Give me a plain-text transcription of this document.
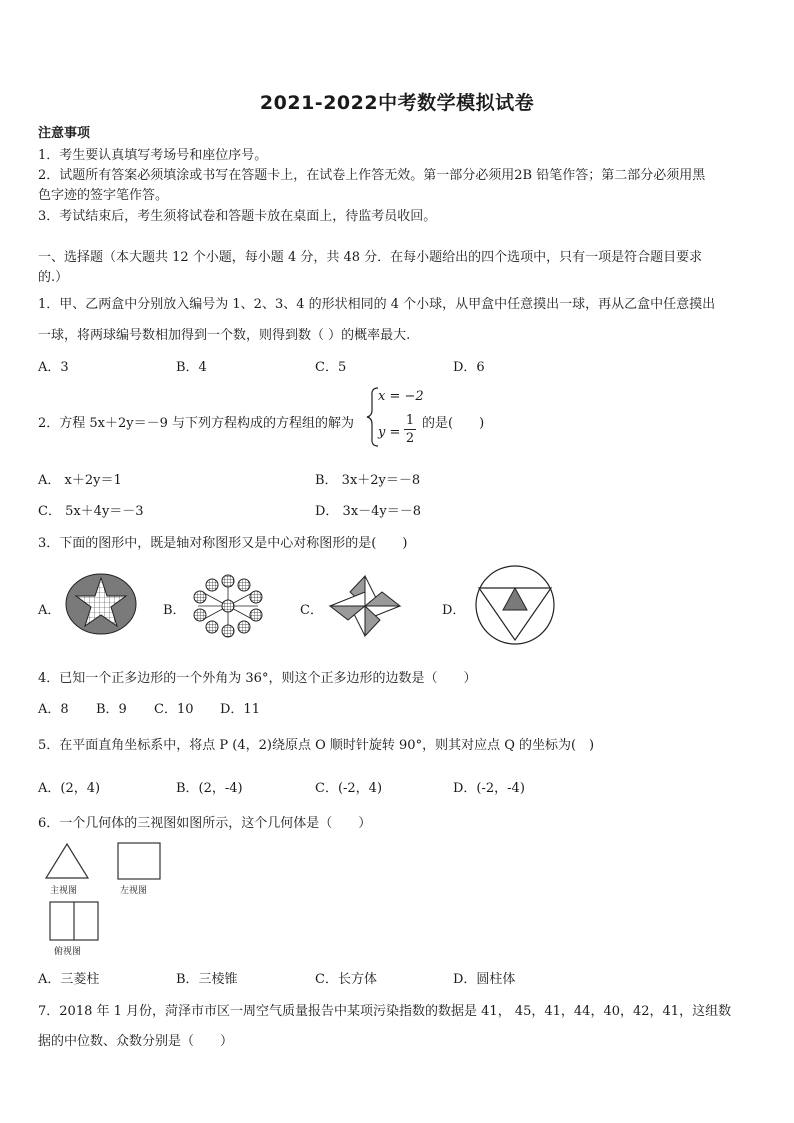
2021-2022中考数学模拟试卷
注意事项
1．考生要认真填写考场号和座位序号。
2．试题所有答案必须填涂或书写在答题卡上，在试卷上作答无效。第一部分必须用2B 铅笔作答；第二部分必须用黑
色字迹的签字笔作答。
3．考试结束后，考生须将试卷和答题卡放在桌面上，待监考员收回。
一、选择题（本大题共 12 个小题，每小题 4 分，共 48 分．在每小题给出的四个选项中，只有一项是符合题目要求
的.）
1．甲、乙两盒中分别放入编号为 1、2、3、4 的形状相同的 4 个小球，从甲盒中任意摸出一球，再从乙盒中任意摸出
一球，将两球编号数相加得到一个数，则得到数（ ）的概率最大.
A．3	B．4	C．5	D．6
2．方程 5x＋2y＝－9 与下列方程构成的方程组的解为
x = −2
y =
1
2
的是(　　)
A． x＋2y＝1	B． 3x＋2y＝－8
C． 5x＋4y＝－3	D． 3x－4y＝－8
3．下面的图形中，既是轴对称图形又是中心对称图形的是(　　)
A．	B．	C．	D．
4．已知一个正多边形的一个外角为 36°，则这个正多边形的边数是（　　）
A．8 B．9 C．10 D．11
5．在平面直角坐标系中，将点 P (4，2)绕原点 O 顺时针旋转 90°，则其对应点 Q 的坐标为(　)
A．(2，4)	B．(2，-4)	C．(-2，4)	D．(-2，-4)
6．一个几何体的三视图如图所示，这个几何体是（　　）
主视图	左视图
俯视图
A．三菱柱	B．三棱锥	C．长方体	D．圆柱体
7．2018 年 1 月份，菏泽市市区一周空气质量报告中某项污染指数的数据是 41， 45，41，44，40，42，41，这组数
据的中位数、众数分别是（　　）
